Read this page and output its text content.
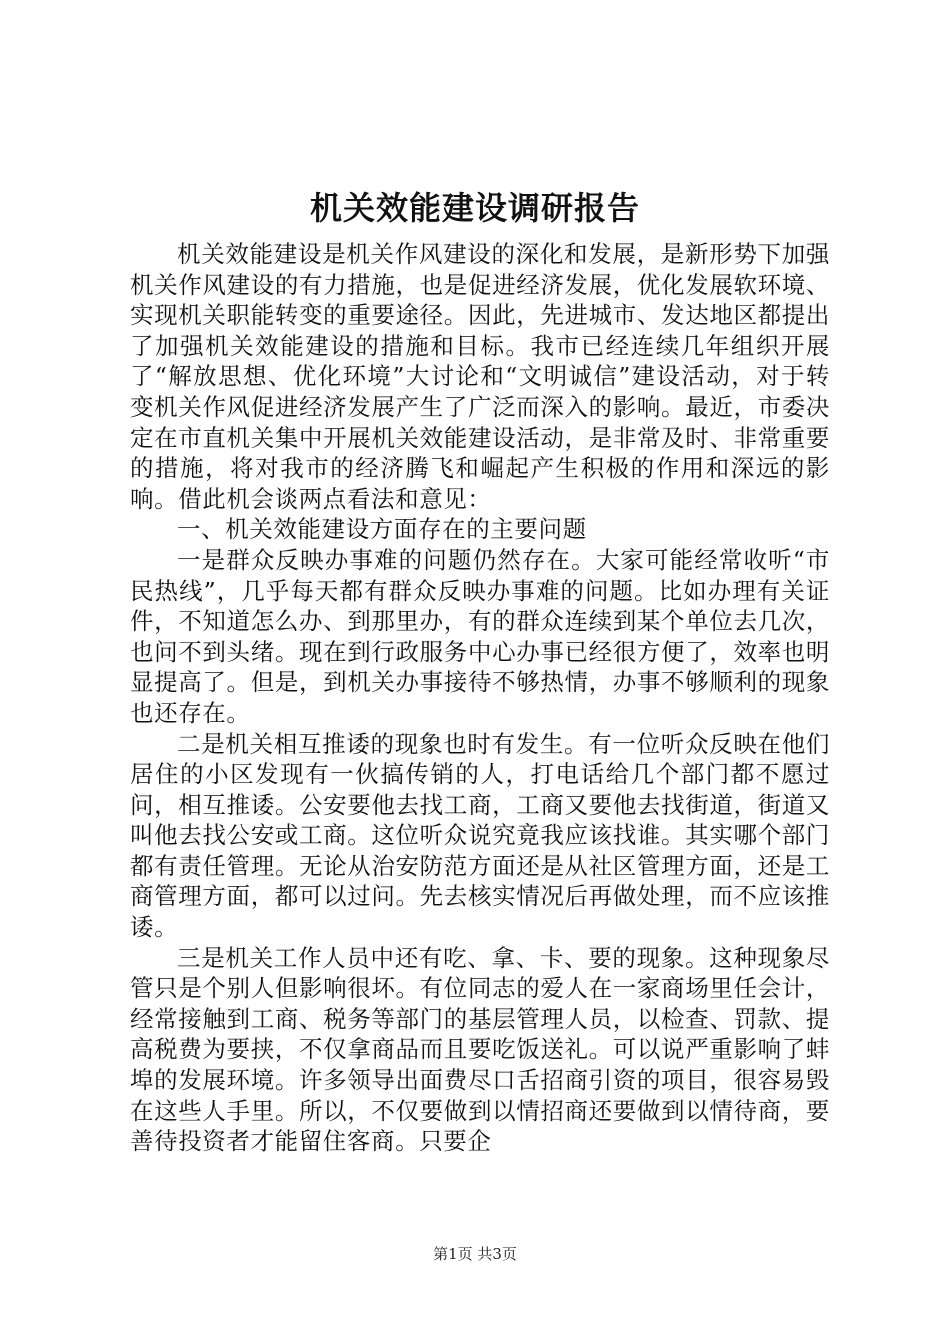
机关效能建设调研报告

机关效能建设是机关作风建设的深化和发展，是新形势下加强机关作风建设的有力措施，也是促进经济发展，优化发展软环境、实现机关职能转变的重要途径。因此，先进城市、发达地区都提出了加强机关效能建设的措施和目标。我市已经连续几年组织开展了“解放思想、优化环境”大讨论和“文明诚信”建设活动，对于转变机关作风促进经济发展产生了广泛而深入的影响。最近，市委决定在市直机关集中开展机关效能建设活动，是非常及时、非常重要的措施，将对我市的经济腾飞和崛起产生积极的作用和深远的影响。借此机会谈两点看法和意见：

一、机关效能建设方面存在的主要问题

一是群众反映办事难的问题仍然存在。大家可能经常收听“市民热线”，几乎每天都有群众反映办事难的问题。比如办理有关证件，不知道怎么办、到那里办，有的群众连续到某个单位去几次，也问不到头绪。现在到行政服务中心办事已经很方便了，效率也明显提高了。但是，到机关办事接待不够热情，办事不够顺利的现象也还存在。

二是机关相互推诿的现象也时有发生。有一位听众反映在他们居住的小区发现有一伙搞传销的人，打电话给几个部门都不愿过问，相互推诿。公安要他去找工商，工商又要他去找街道，街道又叫他去找公安或工商。这位听众说究竟我应该找谁。其实哪个部门都有责任管理。无论从治安防范方面还是从社区管理方面，还是工商管理方面，都可以过问。先去核实情况后再做处理，而不应该推诿。

三是机关工作人员中还有吃、拿、卡、要的现象。这种现象尽管只是个别人但影响很坏。有位同志的爱人在一家商场里任会计，经常接触到工商、税务等部门的基层管理人员，以检查、罚款、提高税费为要挟，不仅拿商品而且要吃饭送礼。可以说严重影响了蚌埠的发展环境。许多领导出面费尽口舌招商引资的项目，很容易毁在这些人手里。所以，不仅要做到以情招商还要做到以情待商，要善待投资者才能留住客商。只要企

第1页 共3页
